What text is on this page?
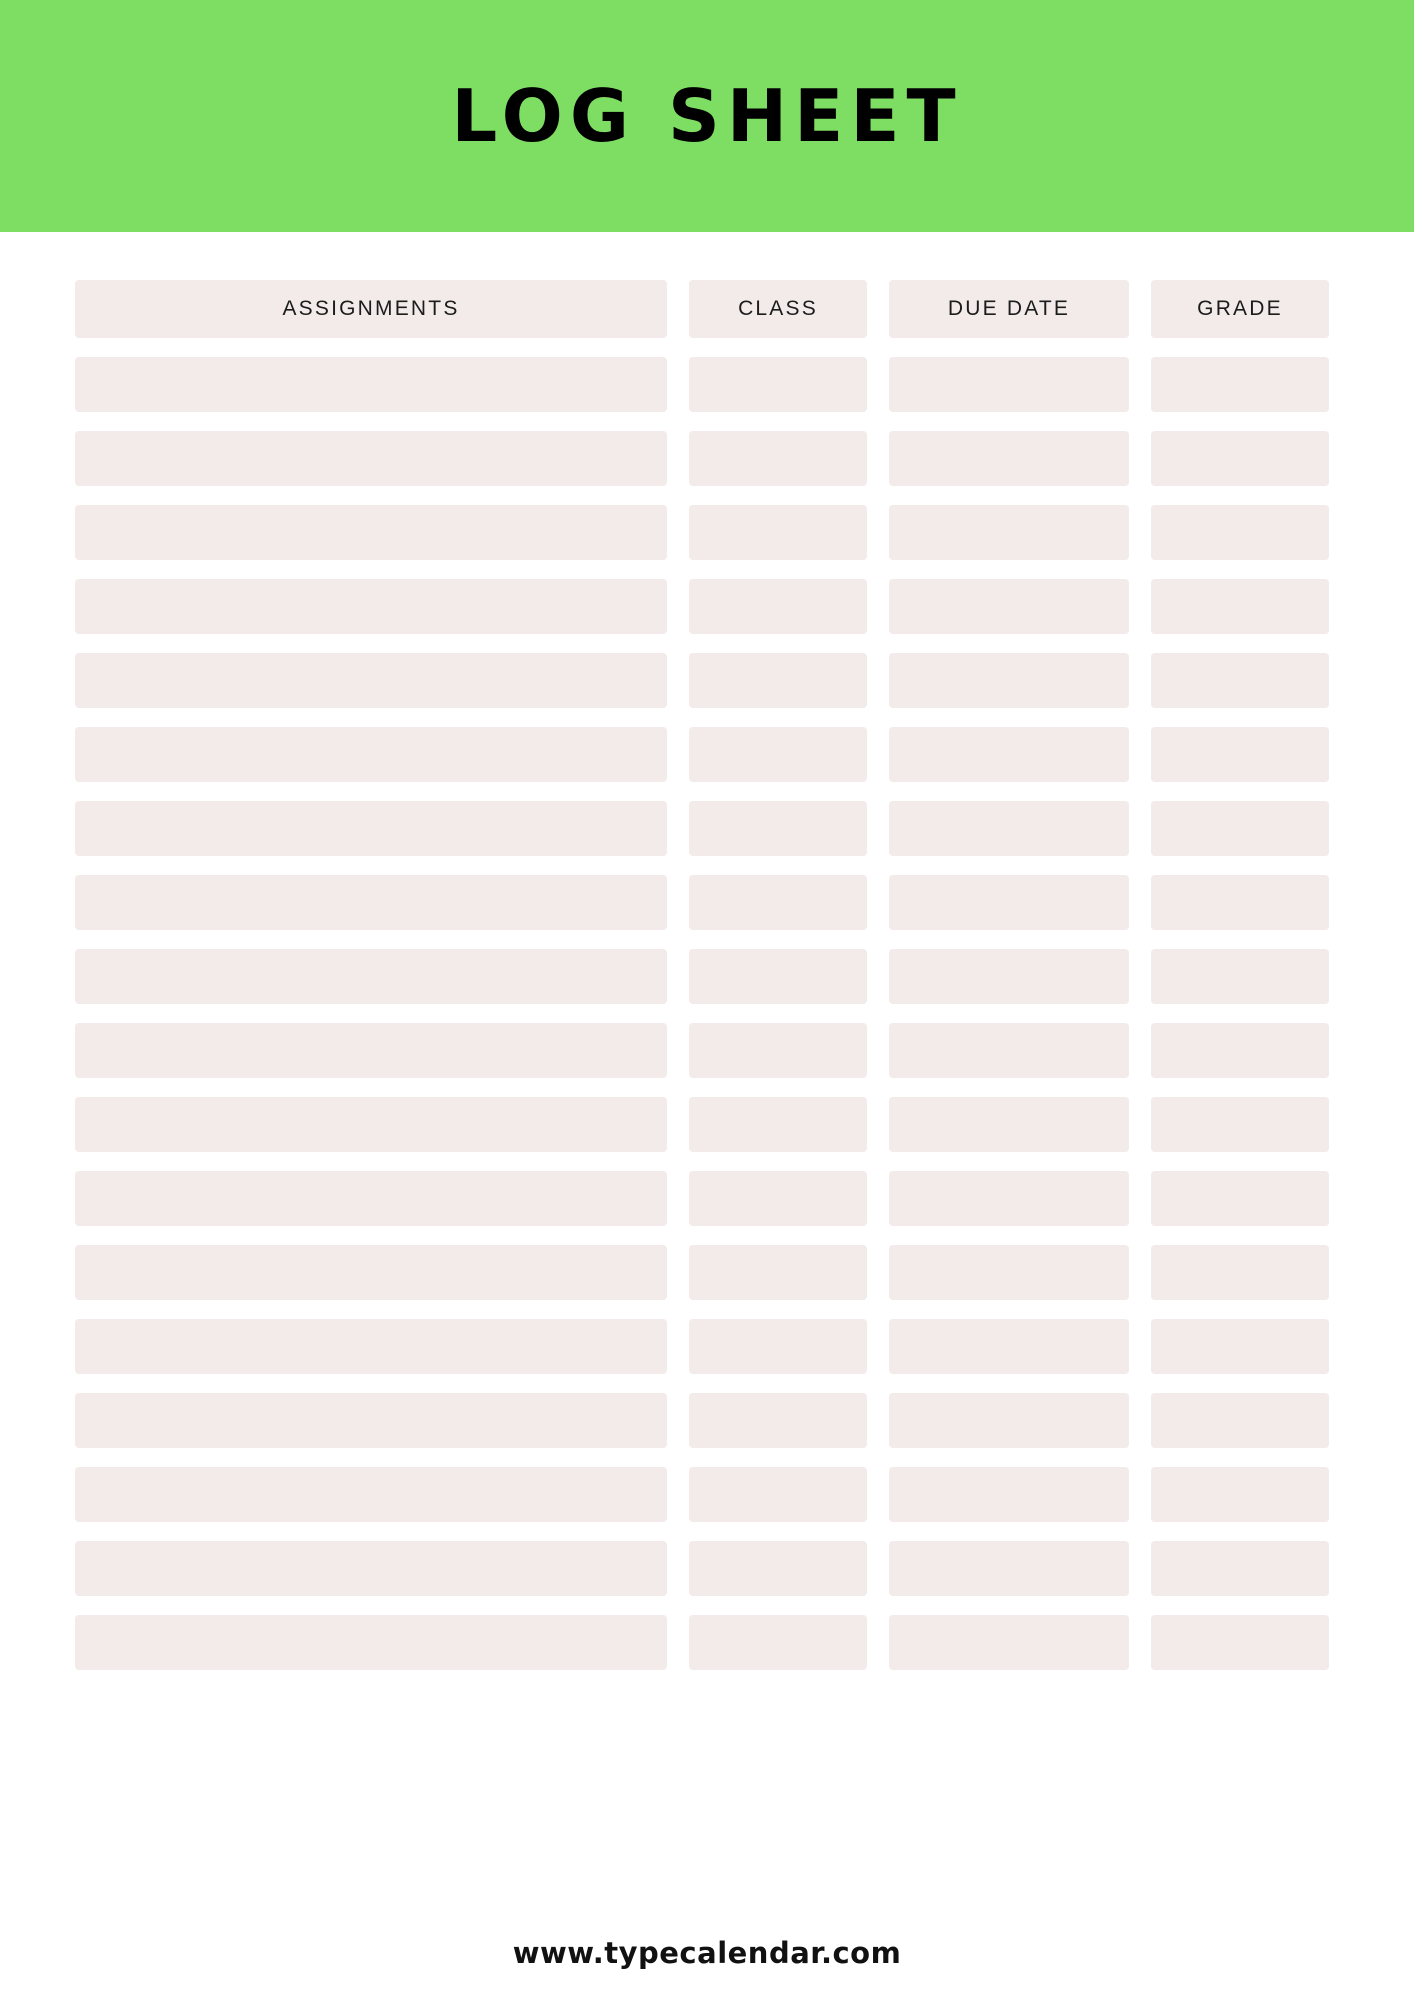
LOG SHEET
ASSIGNMENTS	CLASS	DUE DATE	GRADE
www.typecalendar.com
